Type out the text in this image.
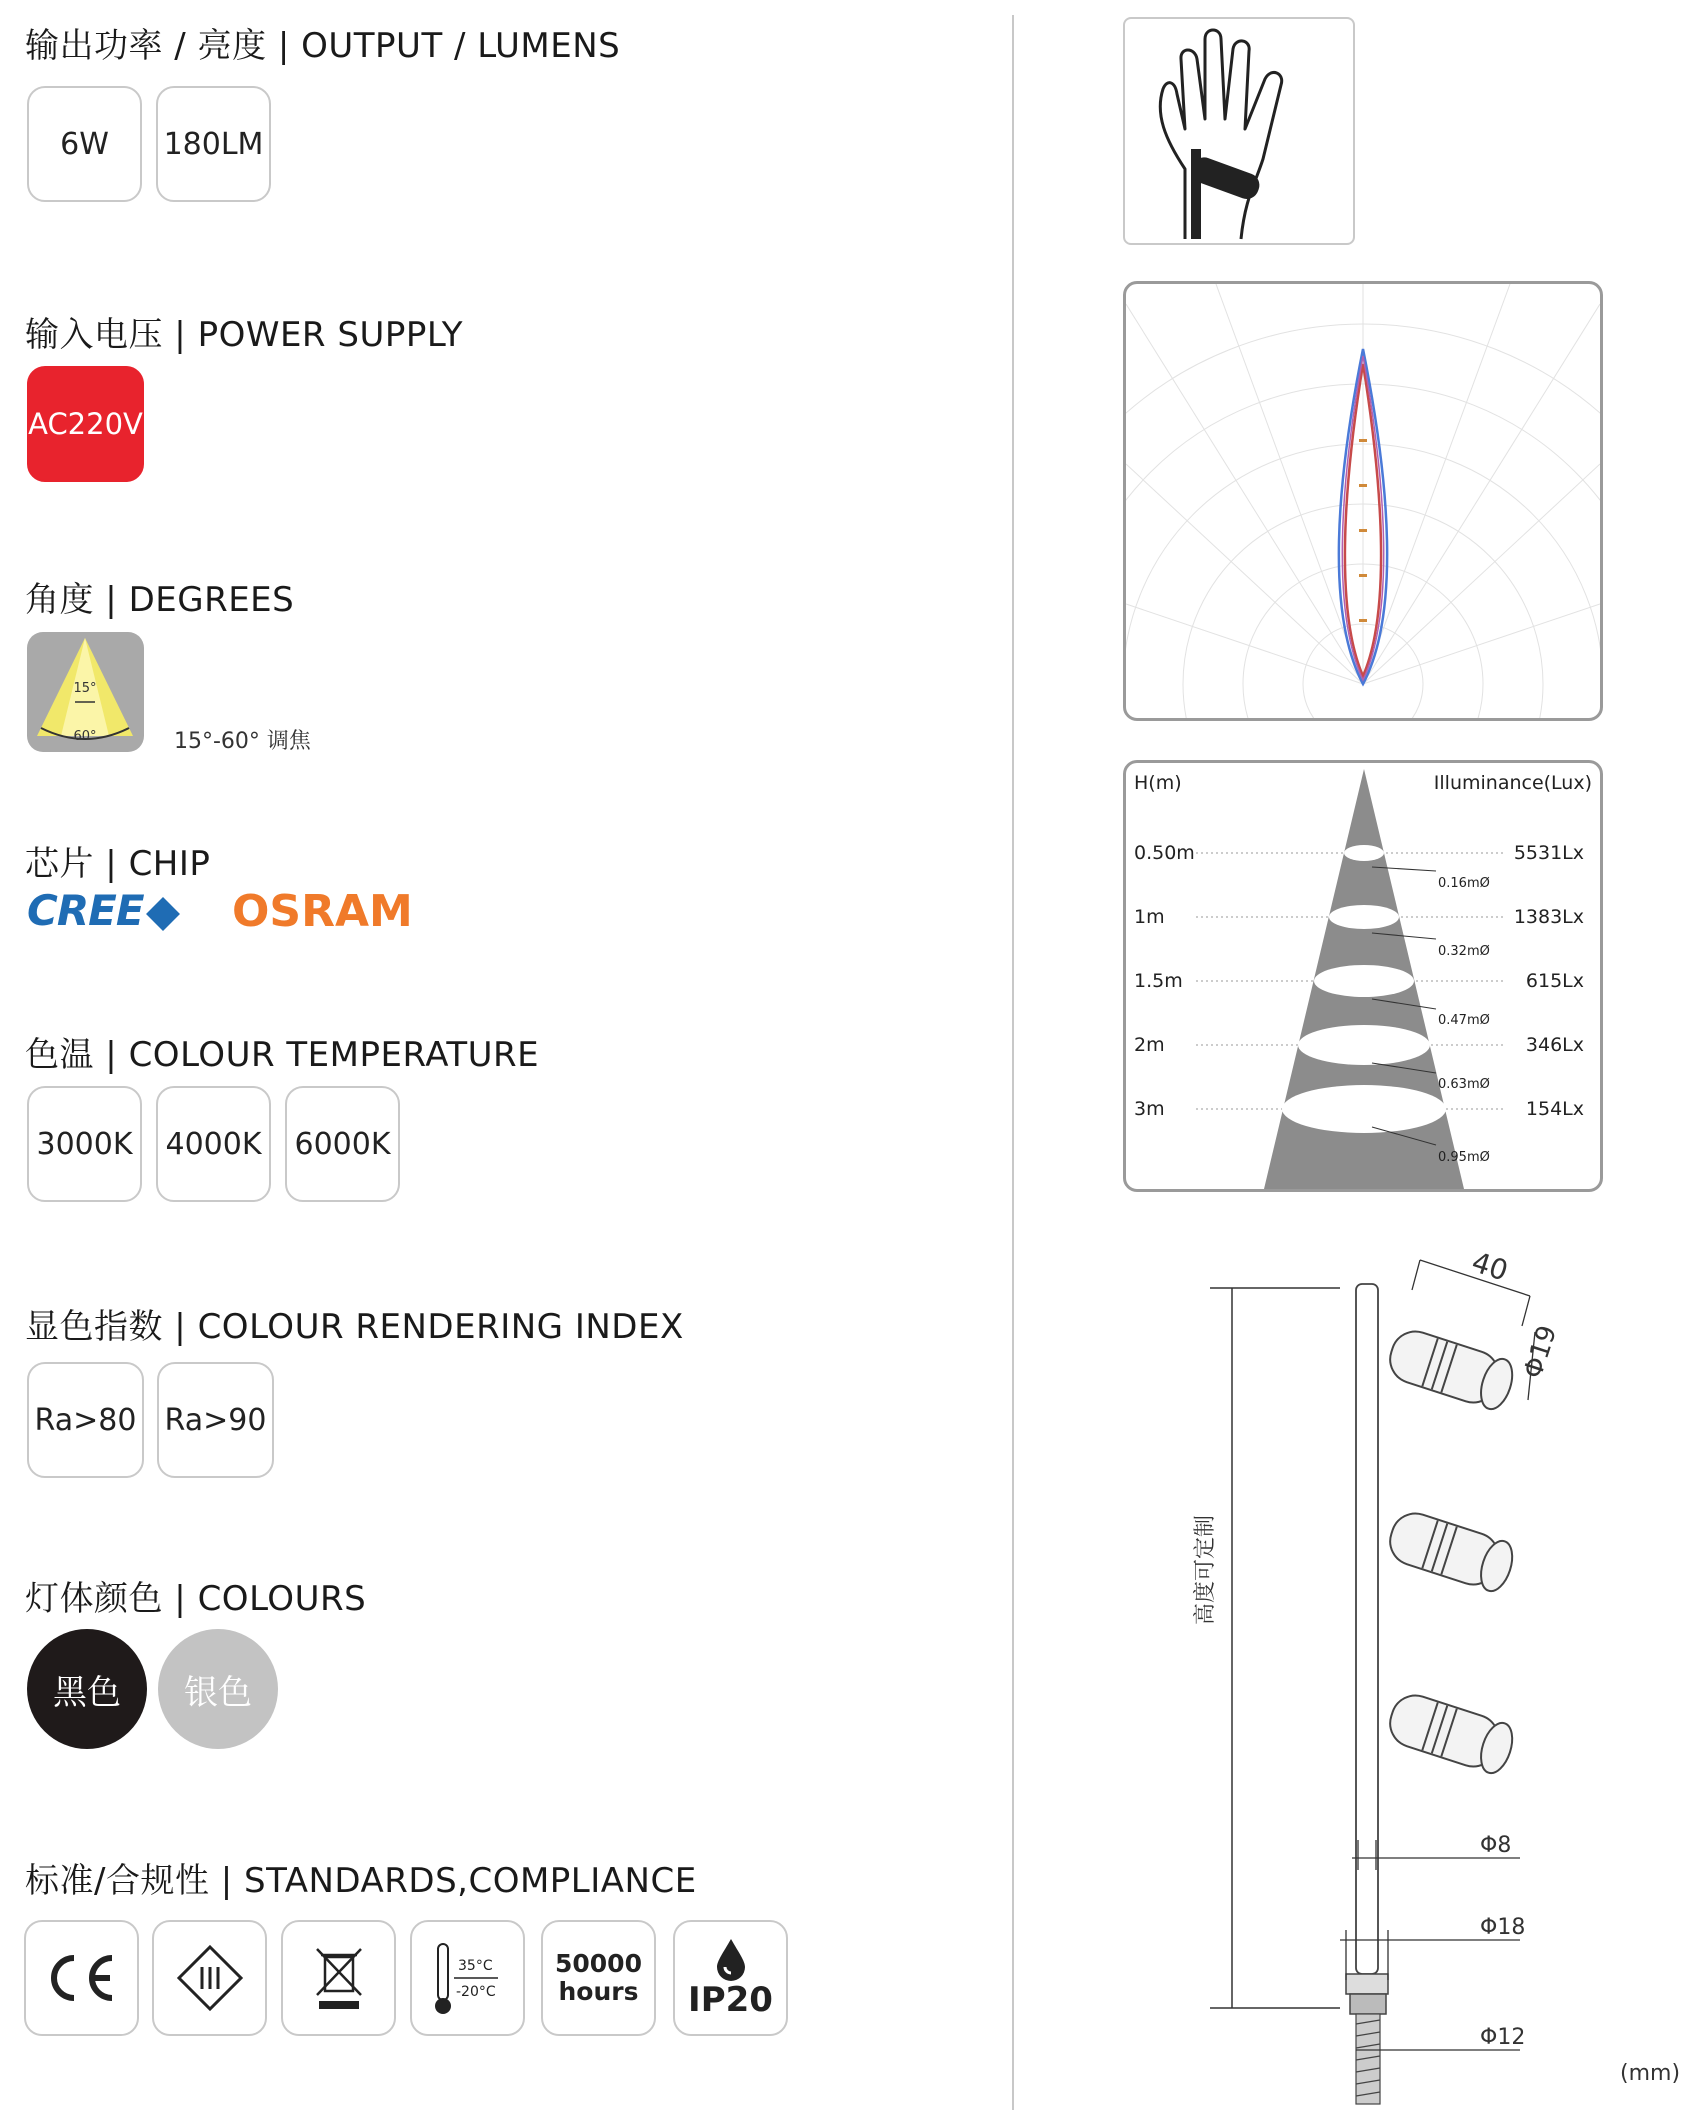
输出功率 / 亮度 | OUTPUT / LUMENS
6W	180LM
输入电压 | POWER SUPPLY
AC220V
角度 | DEGREES
15°
60°	15°-60° 调焦
芯片 | CHIP
CREE	OSRAM
色温 | COLOUR TEMPERATURE
3000K	4000K	6000K
显色指数 | COLOUR RENDERING INDEX
Ra>80 Ra>90
灯体颜色 | COLOURS
黑色	银色
标准/合规性 | STANDARDS,COMPLIANCE
35°C
-20°C
50000
hours IP20
H(m)	Illuminance(Lux)
0.50m	5531Lx
0.16mØ
1m	1383Lx
0.32mØ
1.5m	615Lx
0.47mØ
2m	346Lx
0.63mØ
3m	154Lx
0.95mØ
40
Φ19
Φ8
Φ18
Φ12
高度可定制
(mm)
